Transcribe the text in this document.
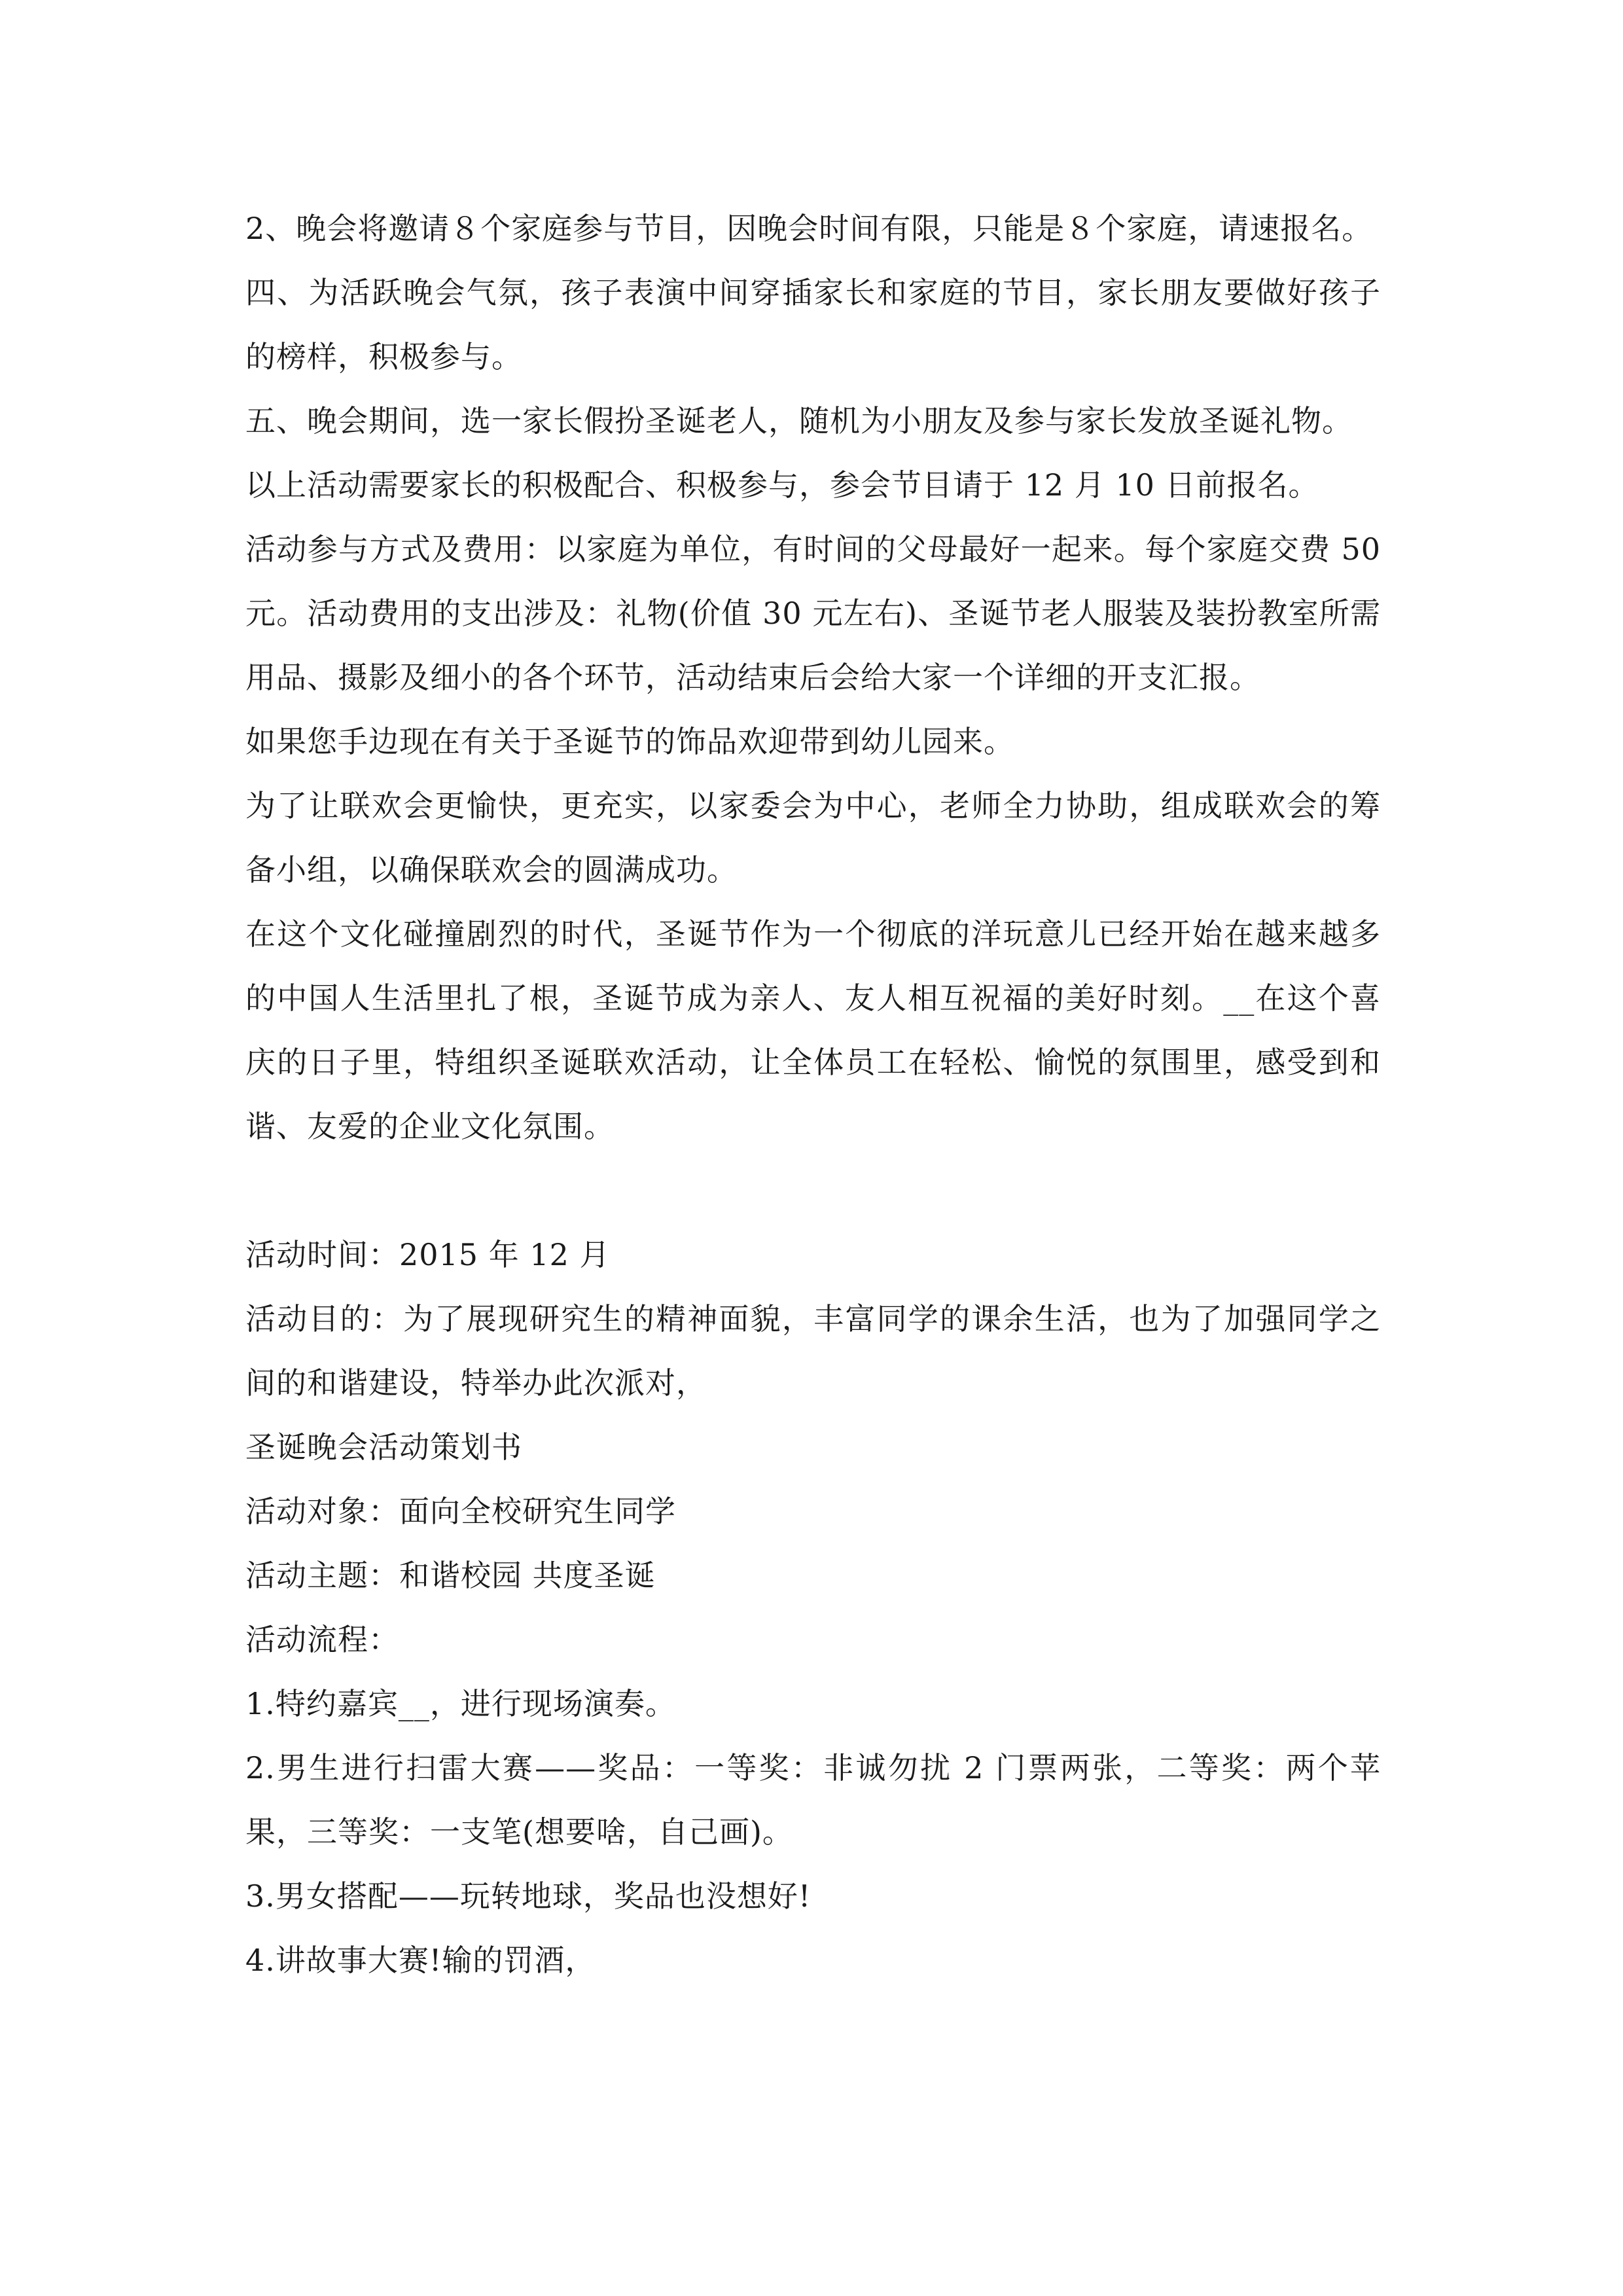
2、晚会将邀请８个家庭参与节目，因晚会时间有限，只能是８个家庭，请速报名。

四、为活跃晚会气氛，孩子表演中间穿插家长和家庭的节目，家长朋友要做好孩子的榜样，积极参与。

五、晚会期间，选一家长假扮圣诞老人，随机为小朋友及参与家长发放圣诞礼物。

以上活动需要家长的积极配合、积极参与，参会节目请于 12 月 10 日前报名。

活动参与方式及费用：以家庭为单位，有时间的父母最好一起来。每个家庭交费 50 元。活动费用的支出涉及：礼物(价值 30 元左右)、圣诞节老人服装及装扮教室所需用品、摄影及细小的各个环节，活动结束后会给大家一个详细的开支汇报。

如果您手边现在有关于圣诞节的饰品欢迎带到幼儿园来。

为了让联欢会更愉快，更充实，以家委会为中心，老师全力协助，组成联欢会的筹备小组，以确保联欢会的圆满成功。

在这个文化碰撞剧烈的时代，圣诞节作为一个彻底的洋玩意儿已经开始在越来越多的中国人生活里扎了根，圣诞节成为亲人、友人相互祝福的美好时刻。__在这个喜庆的日子里，特组织圣诞联欢活动，让全体员工在轻松、愉悦的氛围里，感受到和谐、友爱的企业文化氛围。

活动时间：2015 年 12 月

活动目的：为了展现研究生的精神面貌，丰富同学的课余生活，也为了加强同学之间的和谐建设，特举办此次派对，

圣诞晚会活动策划书

活动对象：面向全校研究生同学

活动主题：和谐校园 共度圣诞

活动流程：

1.特约嘉宾__，进行现场演奏。

2.男生进行扫雷大赛——奖品：一等奖：非诚勿扰 2 门票两张，二等奖：两个苹果，三等奖：一支笔(想要啥，自己画)。

3.男女搭配——玩转地球，奖品也没想好!

4.讲故事大赛!输的罚酒，
